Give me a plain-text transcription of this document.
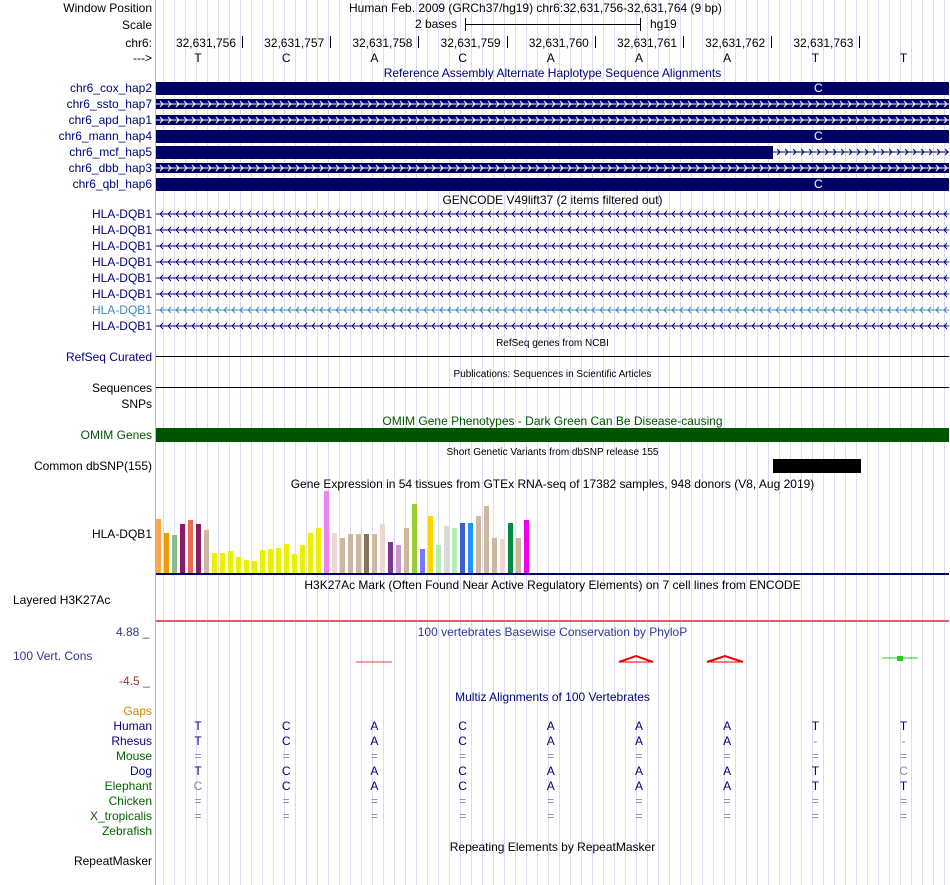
Window Position	Human Feb. 2009 (GRCh37/hg19) chr6:32,631,756-32,631,764 (9 bp)
Scale	2 bases	hg19
chr6:	32,631,756	32,631,757	32,631,758	32,631,759	32,631,760	32,631,761	32,631,762	32,631,763
--->	T	C	A	C	A	A	A	T	T
Reference Assembly Alternate Haplotype Sequence Alignments
chr6_cox_hap2	C
chr6_ssto_hap7
chr6_apd_hap1
chr6_mann_hap4	C
chr6_mcf_hap5
chr6_dbb_hap3
chr6_qbl_hap6	C
GENCODE V49lift37 (2 items filtered out)
HLA-DQB1
HLA-DQB1
HLA-DQB1
HLA-DQB1
HLA-DQB1
HLA-DQB1
HLA-DQB1
HLA-DQB1
RefSeq genes from NCBI
RefSeq Curated
Publications: Sequences in Scientific Articles
Sequences
SNPs
OMIM Gene Phenotypes - Dark Green Can Be Disease-causing
OMIM Genes
Short Genetic Variants from dbSNP release 155
Common dbSNP(155)
Gene Expression in 54 tissues from GTEx RNA-seq of 17382 samples, 948 donors (V8, Aug 2019)
HLA-DQB1
H3K27Ac Mark (Often Found Near Active Regulatory Elements) on 7 cell lines from ENCODE
Layered H3K27Ac
100 vertebrates Basewise Conservation by PhyloP
4.88 _
100 Vert. Cons
-4.5 _
Multiz Alignments of 100 Vertebrates
Gaps
Human	T	C	A	C	A	A	A	T	T
Rhesus	T	C	A	C	A	A	A	-	-
Mouse	=	=	=	=	=	=	=	=	=
Dog	T	C	A	C	A	A	A	T	C
Elephant	C	C	A	C	A	A	A	T	T
Chicken	=	=	=	=	=	=	=	=	=
X_tropicalis	=	=	=	=	=	=	=	=	=
Zebrafish
Repeating Elements by RepeatMasker
RepeatMasker
